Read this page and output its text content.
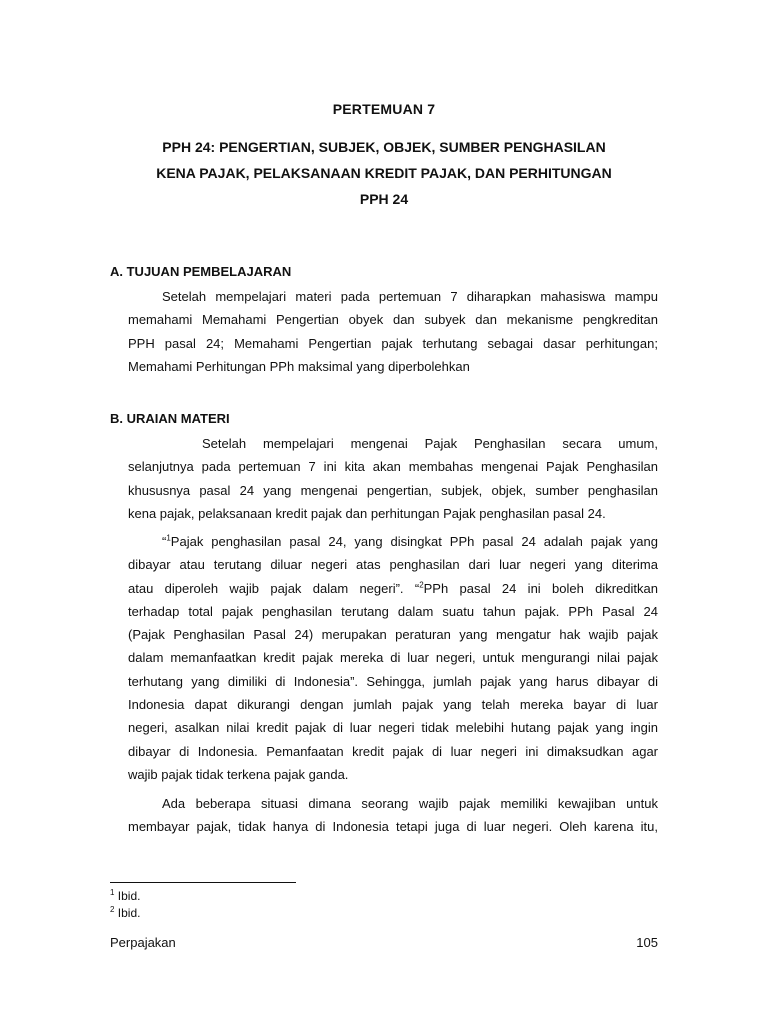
PERTEMUAN 7
PPH 24: PENGERTIAN, SUBJEK, OBJEK, SUMBER PENGHASILAN
KENA PAJAK, PELAKSANAAN KREDIT PAJAK, DAN PERHITUNGAN
PPH 24
A. TUJUAN PEMBELAJARAN
Setelah mempelajari materi pada pertemuan 7 diharapkan mahasiswa mampu
memahami Memahami Pengertian obyek dan subyek dan mekanisme pengkreditan
PPH pasal 24; Memahami Pengertian pajak terhutang sebagai dasar perhitungan;
Memahami Perhitungan PPh maksimal yang diperbolehkan
B. URAIAN MATERI
Setelah mempelajari mengenai Pajak Penghasilan secara umum,
selanjutnya pada pertemuan 7 ini kita akan membahas mengenai Pajak Penghasilan
khususnya pasal 24 yang mengenai pengertian, subjek, objek, sumber penghasilan
kena pajak, pelaksanaan kredit pajak dan perhitungan Pajak penghasilan pasal 24.
“$^1$Pajak penghasilan pasal 24, yang disingkat PPh pasal 24 adalah pajak yang
dibayar atau terutang diluar negeri atas penghasilan dari luar negeri yang diterima
atau diperoleh wajib pajak dalam negeri”. “$^2$PPh pasal 24 ini boleh dikreditkan
terhadap total pajak penghasilan terutang dalam suatu tahun pajak. PPh Pasal 24
(Pajak Penghasilan Pasal 24) merupakan peraturan yang mengatur hak wajib pajak
dalam memanfaatkan kredit pajak mereka di luar negeri, untuk mengurangi nilai pajak
terhutang yang dimiliki di Indonesia”. Sehingga, jumlah pajak yang harus dibayar di
Indonesia dapat dikurangi dengan jumlah pajak yang telah mereka bayar di luar
negeri, asalkan nilai kredit pajak di luar negeri tidak melebihi hutang pajak yang ingin
dibayar di Indonesia. Pemanfaatan kredit pajak di luar negeri ini dimaksudkan agar
wajib pajak tidak terkena pajak ganda.
Ada beberapa situasi dimana seorang wajib pajak memiliki kewajiban untuk
membayar pajak, tidak hanya di Indonesia tetapi juga di luar negeri. Oleh karena itu,
$^1$ Ibid.
$^2$ Ibid.
Perpajakan	105
